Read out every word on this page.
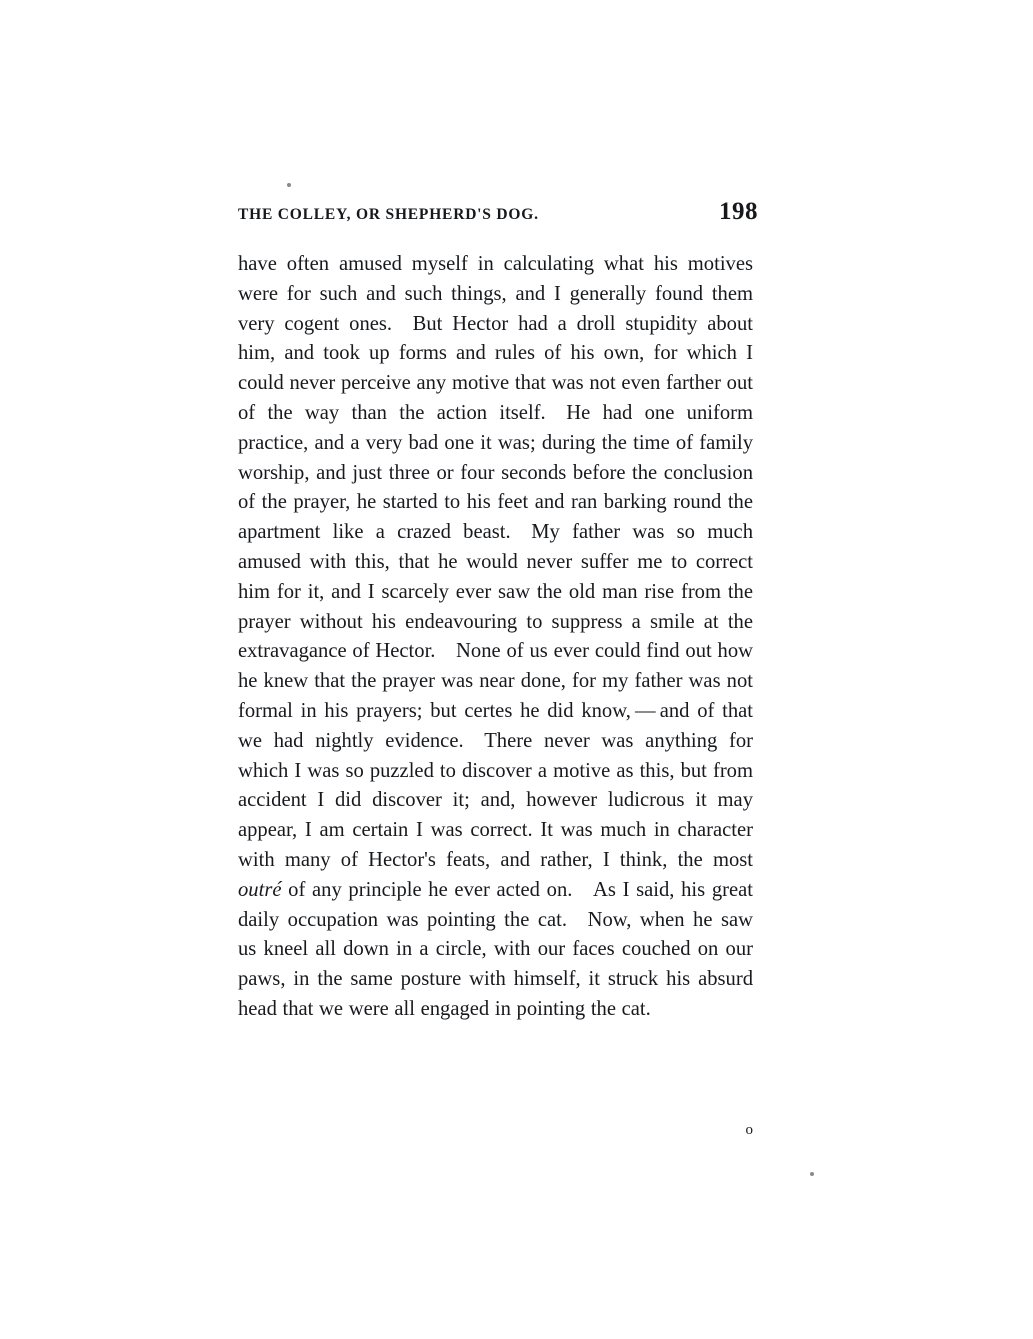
THE COLLEY, OR SHEPHERD'S DOG.	198

have often amused myself in calculating what his motives were for such and such things, and I generally found them very cogent ones. But Hector had a droll stupidity about him, and took up forms and rules of his own, for which I could never perceive any motive that was not even farther out of the way than the action itself. He had one uniform practice, and a very bad one it was; during the time of family worship, and just three or four seconds before the conclusion of the prayer, he started to his feet and ran barking round the apartment like a crazed beast. My father was so much amused with this, that he would never suffer me to correct him for it, and I scarcely ever saw the old man rise from the prayer without his endeavouring to suppress a smile at the extravagance of Hector. None of us ever could find out how he knew that the prayer was near done, for my father was not formal in his prayers; but certes he did know, — and of that we had nightly evidence. There never was anything for which I was so puzzled to discover a motive as this, but from accident I did discover it; and, however ludicrous it may appear, I am certain I was correct. It was much in character with many of Hector's feats, and rather, I think, the most outré of any principle he ever acted on. As I said, his great daily occupation was pointing the cat. Now, when he saw us kneel all down in a circle, with our faces couched on our paws, in the same posture with himself, it struck his absurd head that we were all engaged in pointing the cat.

o
